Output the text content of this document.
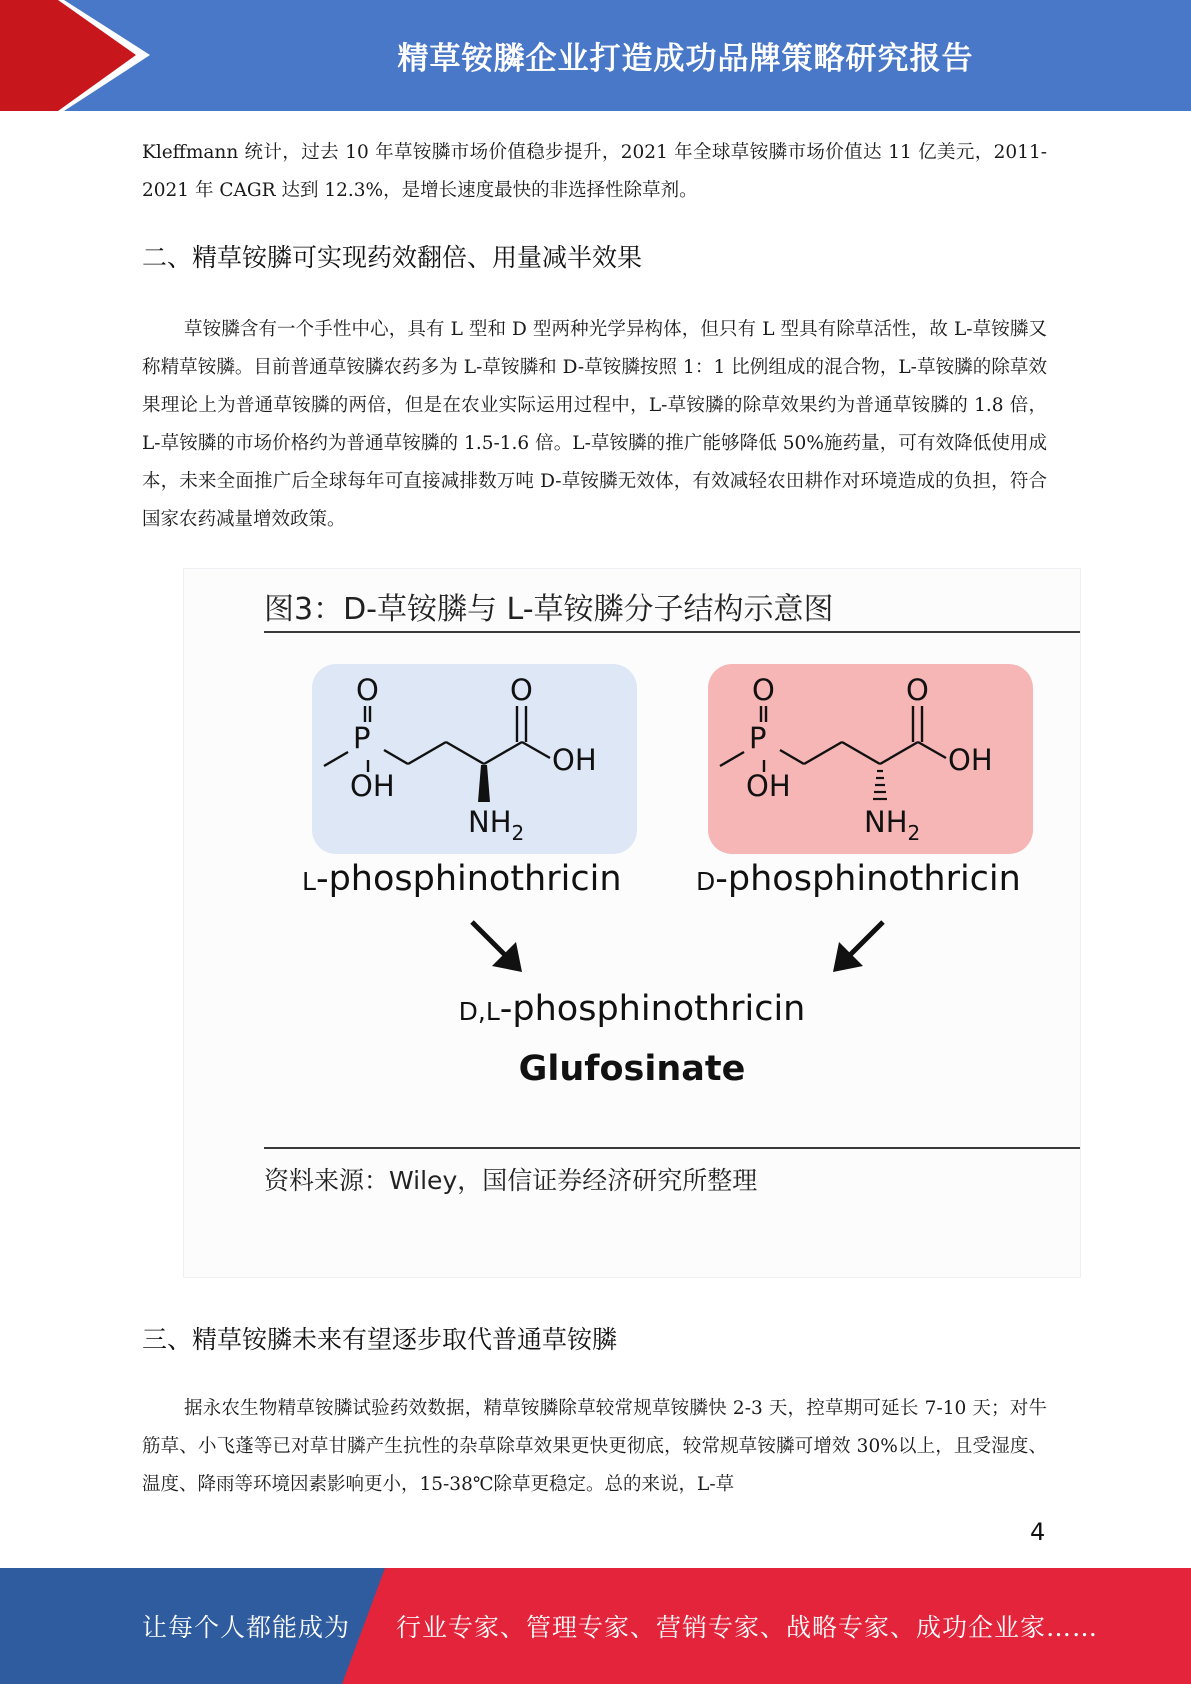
精草铵膦企业打造成功品牌策略研究报告

Kleffmann 统计，过去 10 年草铵膦市场价值稳步提升，2021 年全球草铵膦市场价值达 11 亿美元，2011-2021 年 CAGR 达到 12.3%，是增长速度最快的非选择性除草剂。

二、精草铵膦可实现药效翻倍、用量减半效果

草铵膦含有一个手性中心，具有 L 型和 D 型两种光学异构体，但只有 L 型具有除草活性，故 L-草铵膦又称精草铵膦。目前普通草铵膦农药多为 L-草铵膦和 D-草铵膦按照 1：1 比例组成的混合物，L-草铵膦的除草效果理论上为普通草铵膦的两倍，但是在农业实际运用过程中，L-草铵膦的除草效果约为普通草铵膦的 1.8 倍，L-草铵膦的市场价格约为普通草铵膦的 1.5-1.6 倍。L-草铵膦的推广能够降低 50%施药量，可有效降低使用成本，未来全面推广后全球每年可直接减排数万吨 D-草铵膦无效体，有效减轻农田耕作对环境造成的负担，符合国家农药减量增效政策。

图3：D-草铵膦与 L-草铵膦分子结构示意图
O
P
OH
O
OH
$NH_2$
O
P
OH
O
OH
$NH_2$
L-phosphinothricin	D-phosphinothricin
D,L-phosphinothricin
Glufosinate
资料来源：Wiley，国信证券经济研究所整理
三、精草铵膦未来有望逐步取代普通草铵膦

据永农生物精草铵膦试验药效数据，精草铵膦除草较常规草铵膦快 2-3 天，控草期可延长 7-10 天；对牛筋草、小飞蓬等已对草甘膦产生抗性的杂草除草效果更快更彻底，较常规草铵膦可增效 30%以上，且受湿度、温度、降雨等环境因素影响更小，15-38℃除草更稳定。总的来说，L-草

4
让每个人都能成为 行业专家、管理专家、营销专家、战略专家、成功企业家……
